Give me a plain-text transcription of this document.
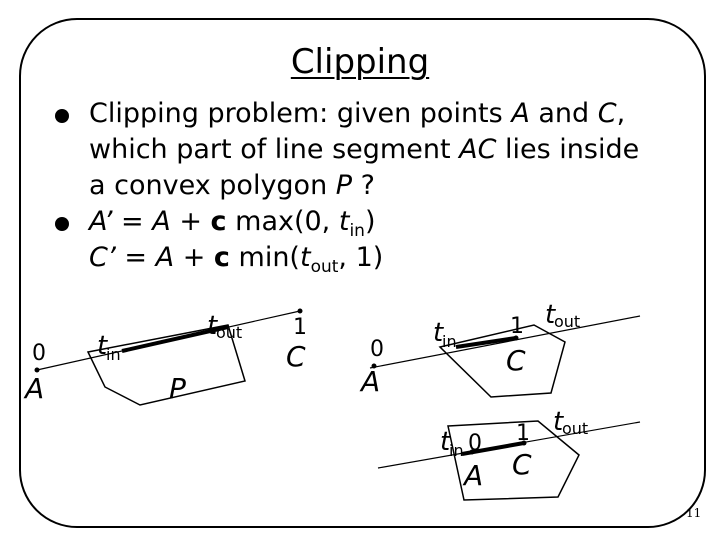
Clipping
Clipping problem: given points A and C,
which part of line segment AC lies inside
a convex polygon P ?
A’ = A + c max(0, $t_{in}$)
C’ = A + c $\min(t_{out}$, 1)
0
A
t
in
t
out
P
1
C	0
A
t
in
1
C
t
out
t
in 0
A
1
C
t
out
11
